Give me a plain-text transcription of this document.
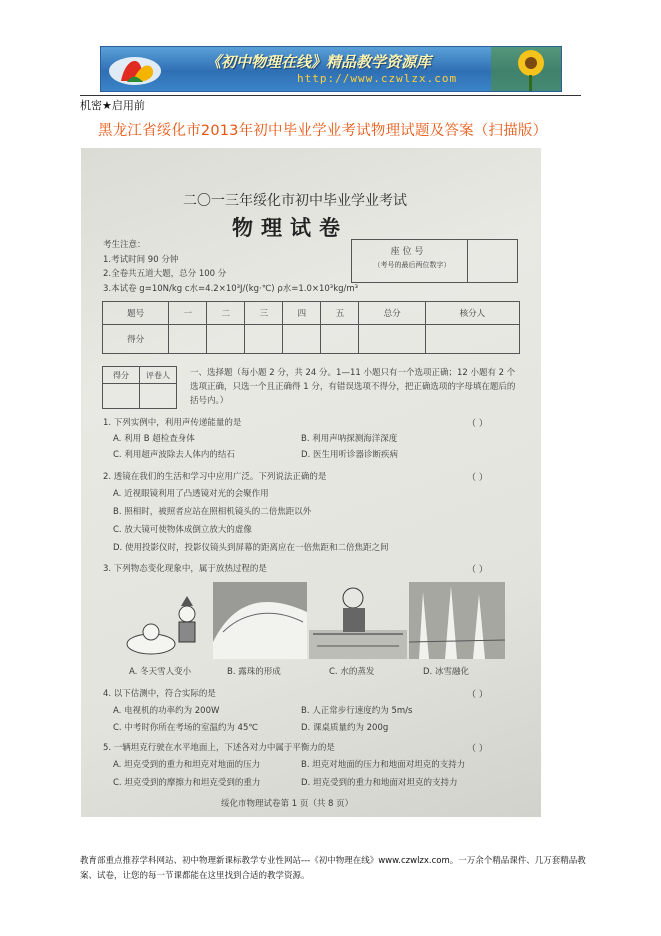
《初中物理在线》精品教学资源库
http://www.czwlzx.com
机密★启用前
黑龙江省绥化市2013年初中毕业学业考试物理试题及答案（扫描版）
二〇一三年绥化市初中毕业学业考试
物理试卷
考生注意：
1.考试时间 90 分钟
2.全卷共五道大题，总分 100 分
3.本试卷 g=10N/kg c水=4.2×10³J/(kg·℃) ρ水=1.0×10³kg/m³
座 位 号
（考号的最后两位数字）
题号	一	二	三	四	五	总分	核分人
得分							
得分	评卷人
	一、选择题（每小题 2 分，共 24 分。1—11 小题只有一个选项正确；12 小题有 2 个选项正确，只选一个且正确得 1 分，有错误选项不得分，把正确选项的字母填在题后的括号内。）
1. 下列实例中，利用声传递能量的是	（ ）
A. 利用 B 超检查身体	B. 利用声呐探测海洋深度
C. 利用超声波除去人体内的结石	D. 医生用听诊器诊断疾病
2. 透镜在我们的生活和学习中应用广泛。下列说法正确的是	（ ）
A. 近视眼镜利用了凸透镜对光的会聚作用
B. 照相时，被照者应站在照相机镜头的二倍焦距以外
C. 放大镜可使物体成倒立放大的虚像
D. 使用投影仪时，投影仪镜头到屏幕的距离应在一倍焦距和二倍焦距之间
3. 下列物态变化现象中，属于放热过程的是	（ ）
A. 冬天雪人变小	B. 露珠的形成	C. 水的蒸发	D. 冰雪融化
4. 以下估测中，符合实际的是	（ ）
A. 电视机的功率约为 200W	B. 人正常步行速度约为 5m/s
C. 中考时你所在考场的室温约为 45℃	D. 课桌质量约为 200g
5. 一辆坦克行驶在水平地面上，下述各对力中属于平衡力的是	（ ）
A. 坦克受到的重力和坦克对地面的压力	B. 坦克对地面的压力和地面对坦克的支持力
C. 坦克受到的摩擦力和坦克受到的重力	D. 坦克受到的重力和地面对坦克的支持力
绥化市物理试卷第 1 页（共 8 页）
教育部重点推荐学科网站、初中物理新课标教学专业性网站---《初中物理在线》www.czwlzx.com。一万余个精品课件、几万套精品教案、试卷，让您的每一节课都能在这里找到合适的教学资源。
